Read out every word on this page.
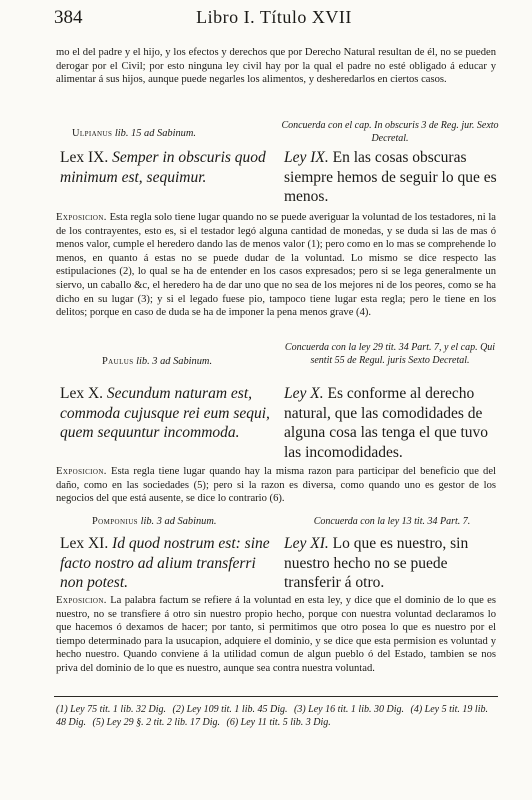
384	Libro I. Título XVII
mo el del padre y el hijo, y los efectos y derechos que por Derecho Natural resultan de él, no se pueden derogar por el Civil; por esto ninguna ley civil hay por la qual el padre no esté obligado á educar y alimentar á sus hijos, aunque puede negarles los alimentos, y desheredarlos en ciertos casos.
Ulpianus lib. 15 ad Sabinum.
Concuerda con el cap. In obscuris 3 de Reg. jur. Sexto Decretal.
Lex IX. Semper in obscuris quod minimum est, sequimur.
Ley IX. En las cosas obscuras siempre hemos de seguir lo que es menos.
Exposicion. Esta regla solo tiene lugar quando no se puede averiguar la voluntad de los testadores, ni la de los contrayentes, esto es, si el testador legó alguna cantidad de monedas, y se duda si las de mas ó menos valor, cumple el heredero dando las de menos valor (1); pero como en lo mas se comprehende lo menos, en quanto á estas no se puede dudar de la voluntad. Lo mismo se dice respecto las estipulaciones (2), lo qual se ha de entender en los casos expresados; pero si se lega generalmente un siervo, un caballo &c, el heredero ha de dar uno que no sea de los mejores ni de los peores, como se ha dicho en su lugar (3); y si el legado fuese pio, tampoco tiene lugar esta regla; pero le tiene en los delitos; porque en caso de duda se ha de imponer la pena menos grave (4).
Paulus lib. 3 ad Sabinum.
Concuerda con la ley 29 tit. 34 Part. 7, y el cap. Qui sentit 55 de Regul. juris Sexto Decretal.
Lex X. Secundum naturam est, commoda cujusque rei eum sequi, quem sequuntur incommoda.
Ley X. Es conforme al derecho natural, que las comodidades de alguna cosa las tenga el que tuvo las incomodidades.
Exposicion. Esta regla tiene lugar quando hay la misma razon para participar del beneficio que del daño, como en las sociedades (5); pero si la razon es diversa, como quando uno es gestor de los negocios del que está ausente, se dice lo contrario (6).
Pomponius lib. 3 ad Sabinum.	Concuerda con la ley 13 tit. 34 Part. 7.
Lex XI. Id quod nostrum est: sine facto nostro ad alium transferri non potest.
Ley XI. Lo que es nuestro, sin nuestro hecho no se puede transferir á otro.
Exposicion. La palabra factum se refiere á la voluntad en esta ley, y dice que el dominio de lo que es nuestro, no se transfiere á otro sin nuestro propio hecho, porque con nuestra voluntad declaramos lo que hacemos ó dexamos de hacer; por tanto, si permitimos que otro posea lo que es nuestro por el tiempo determinado para la usucapion, adquiere el dominio, y se dice que esta permision es voluntad y hecho nuestro. Quando conviene á la utilidad comun de algun pueblo ó del Estado, tambien se nos priva del dominio de lo que es nuestro, aunque sea contra nuestra voluntad.
(1) Ley 75 tit. 1 lib. 32 Dig. (2) Ley 109 tit. 1 lib. 45 Dig. (3) Ley 16 tit. 1 lib. 30 Dig. (4) Ley 5 tit. 19 lib. 48 Dig. (5) Ley 29 §. 2 tit. 2 lib. 17 Dig. (6) Ley 11 tit. 5 lib. 3 Dig.
